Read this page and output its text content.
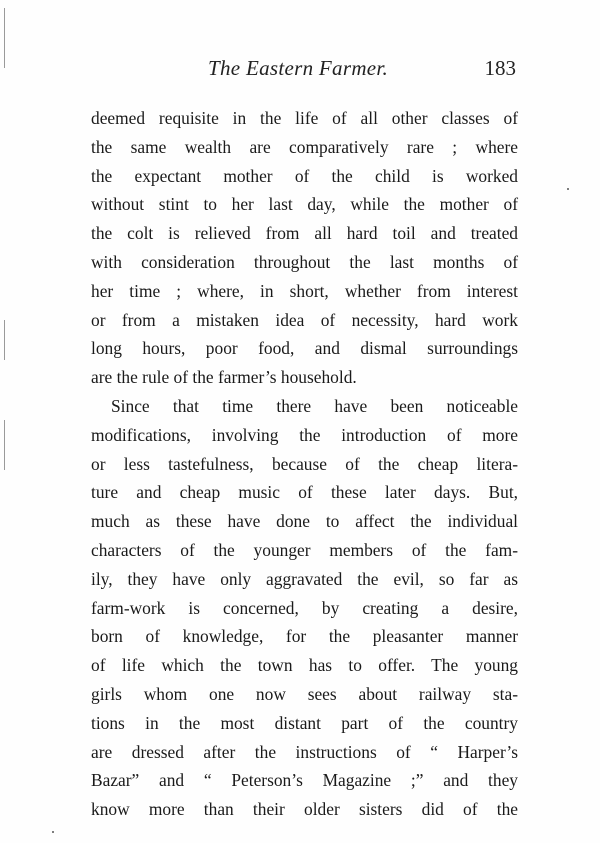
The Eastern Farmer.	183
deemed requisite in the life of all other classes of
the same wealth are comparatively rare ; where
the expectant mother of the child is worked
without stint to her last day, while the mother of
the colt is relieved from all hard toil and treated
with consideration throughout the last months of
her time ; where, in short, whether from interest
or from a mistaken idea of necessity, hard work
long hours, poor food, and dismal surroundings
are the rule of the farmer’s household.
Since that time there have been noticeable
modifications, involving the introduction of more
or less tastefulness, because of the cheap litera-
ture and cheap music of these later days. But,
much as these have done to affect the individual
characters of the younger members of the fam-
ily, they have only aggravated the evil, so far as
farm-work is concerned, by creating a desire,
born of knowledge, for the pleasanter manner
of life which the town has to offer. The young
girls whom one now sees about railway sta-
tions in the most distant part of the country
are dressed after the instructions of “ Harper’s
Bazar” and “ Peterson’s Magazine ;” and they
know more than their older sisters did of the
